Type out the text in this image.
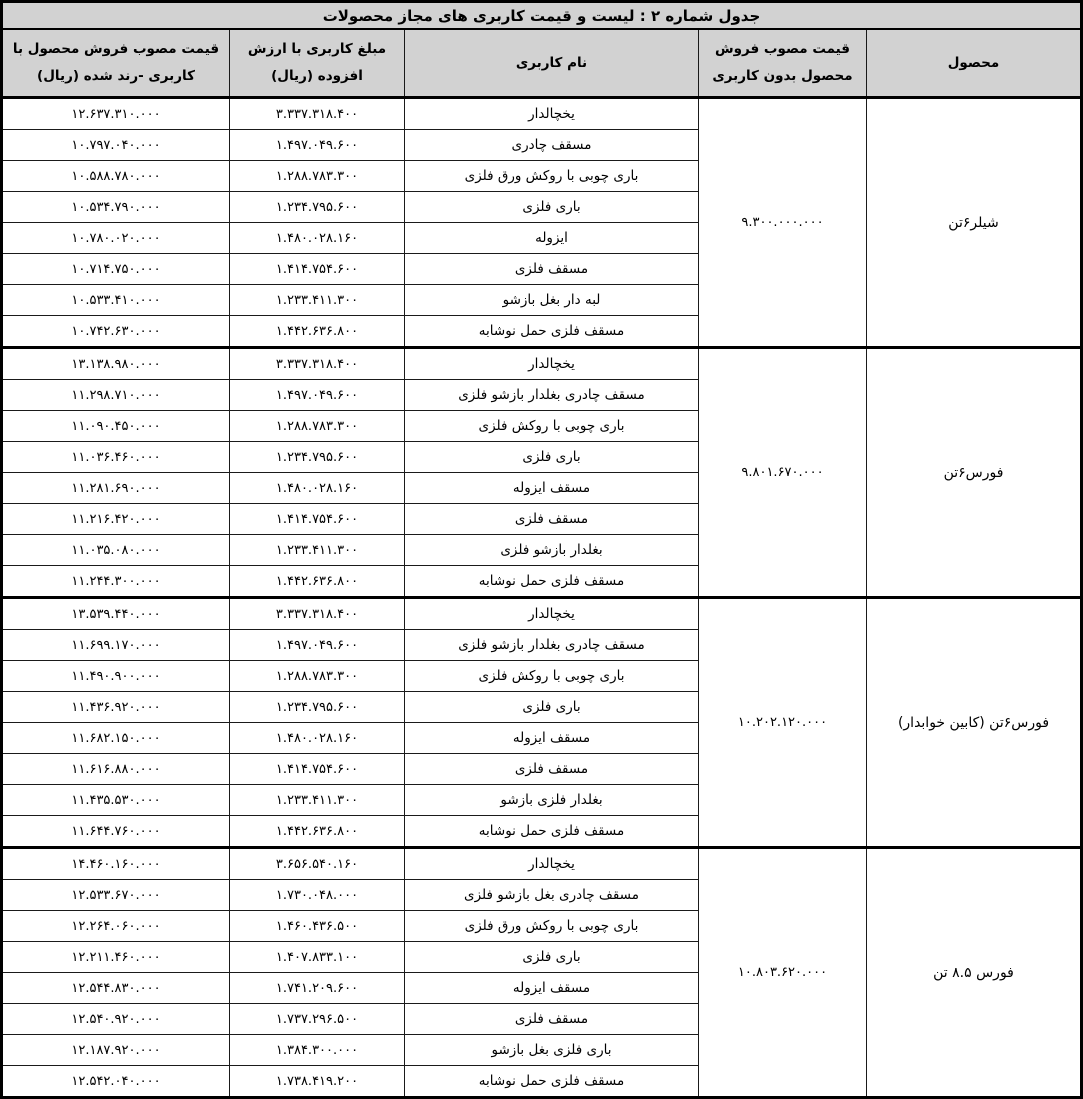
جدول شماره ۲ : لیست و قیمت کاربری های مجاز محصولات				
محصول	قیمت مصوب فروش محصول بدون کاربری	نام کاربری	مبلغ کاربری با ارزش افزوده (ریال)	قیمت مصوب فروش محصول با کاربری -رند شده (ریال)
شیلر۶تن	۹.۳۰۰.۰۰۰.۰۰۰	یخچالدار	۳.۳۳۷.۳۱۸.۴۰۰	۱۲.۶۳۷.۳۱۰.۰۰۰
		مسقف چادری	۱.۴۹۷.۰۴۹.۶۰۰	۱۰.۷۹۷.۰۴۰.۰۰۰
		باری چوبی با روکش ورق فلزی	۱.۲۸۸.۷۸۳.۳۰۰	۱۰.۵۸۸.۷۸۰.۰۰۰
		باری فلزی	۱.۲۳۴.۷۹۵.۶۰۰	۱۰.۵۳۴.۷۹۰.۰۰۰
		ایزوله	۱.۴۸۰.۰۲۸.۱۶۰	۱۰.۷۸۰.۰۲۰.۰۰۰
		مسقف فلزی	۱.۴۱۴.۷۵۴.۶۰۰	۱۰.۷۱۴.۷۵۰.۰۰۰
		لبه دار بغل بازشو	۱.۲۳۳.۴۱۱.۳۰۰	۱۰.۵۳۳.۴۱۰.۰۰۰
		مسقف فلزی حمل نوشابه	۱.۴۴۲.۶۳۶.۸۰۰	۱۰.۷۴۲.۶۳۰.۰۰۰
فورس۶تن	۹.۸۰۱.۶۷۰.۰۰۰	یخچالدار	۳.۳۳۷.۳۱۸.۴۰۰	۱۳.۱۳۸.۹۸۰.۰۰۰
		مسقف چادری بغلدار بازشو فلزی	۱.۴۹۷.۰۴۹.۶۰۰	۱۱.۲۹۸.۷۱۰.۰۰۰
		باری چوبی با روکش فلزی	۱.۲۸۸.۷۸۳.۳۰۰	۱۱.۰۹۰.۴۵۰.۰۰۰
		باری فلزی	۱.۲۳۴.۷۹۵.۶۰۰	۱۱.۰۳۶.۴۶۰.۰۰۰
		مسقف ایزوله	۱.۴۸۰.۰۲۸.۱۶۰	۱۱.۲۸۱.۶۹۰.۰۰۰
		مسقف فلزی	۱.۴۱۴.۷۵۴.۶۰۰	۱۱.۲۱۶.۴۲۰.۰۰۰
		بغلدار بازشو فلزی	۱.۲۳۳.۴۱۱.۳۰۰	۱۱.۰۳۵.۰۸۰.۰۰۰
		مسقف فلزی حمل نوشابه	۱.۴۴۲.۶۳۶.۸۰۰	۱۱.۲۴۴.۳۰۰.۰۰۰
فورس۶تن (کابین خوابدار)	۱۰.۲۰۲.۱۲۰.۰۰۰	یخچالدار	۳.۳۳۷.۳۱۸.۴۰۰	۱۳.۵۳۹.۴۴۰.۰۰۰
		مسقف چادری بغلدار بازشو فلزی	۱.۴۹۷.۰۴۹.۶۰۰	۱۱.۶۹۹.۱۷۰.۰۰۰
		باری چوبی با روکش فلزی	۱.۲۸۸.۷۸۳.۳۰۰	۱۱.۴۹۰.۹۰۰.۰۰۰
		باری فلزی	۱.۲۳۴.۷۹۵.۶۰۰	۱۱.۴۳۶.۹۲۰.۰۰۰
		مسقف ایزوله	۱.۴۸۰.۰۲۸.۱۶۰	۱۱.۶۸۲.۱۵۰.۰۰۰
		مسقف فلزی	۱.۴۱۴.۷۵۴.۶۰۰	۱۱.۶۱۶.۸۸۰.۰۰۰
		بغلدار فلزی بازشو	۱.۲۳۳.۴۱۱.۳۰۰	۱۱.۴۳۵.۵۳۰.۰۰۰
		مسقف فلزی حمل نوشابه	۱.۴۴۲.۶۳۶.۸۰۰	۱۱.۶۴۴.۷۶۰.۰۰۰
فورس ۸.۵ تن	۱۰.۸۰۳.۶۲۰.۰۰۰	یخچالدار	۳.۶۵۶.۵۴۰.۱۶۰	۱۴.۴۶۰.۱۶۰.۰۰۰
		مسقف چادری بغل بازشو فلزی	۱.۷۳۰.۰۴۸.۰۰۰	۱۲.۵۳۳.۶۷۰.۰۰۰
		باری چوبی با روکش ورق فلزی	۱.۴۶۰.۴۳۶.۵۰۰	۱۲.۲۶۴.۰۶۰.۰۰۰
		باری فلزی	۱.۴۰۷.۸۳۳.۱۰۰	۱۲.۲۱۱.۴۶۰.۰۰۰
		مسقف ایزوله	۱.۷۴۱.۲۰۹.۶۰۰	۱۲.۵۴۴.۸۳۰.۰۰۰
		مسقف فلزی	۱.۷۳۷.۲۹۶.۵۰۰	۱۲.۵۴۰.۹۲۰.۰۰۰
		باری فلزی بغل بازشو	۱.۳۸۴.۳۰۰.۰۰۰	۱۲.۱۸۷.۹۲۰.۰۰۰
		مسقف فلزی حمل نوشابه	۱.۷۳۸.۴۱۹.۲۰۰	۱۲.۵۴۲.۰۴۰.۰۰۰
